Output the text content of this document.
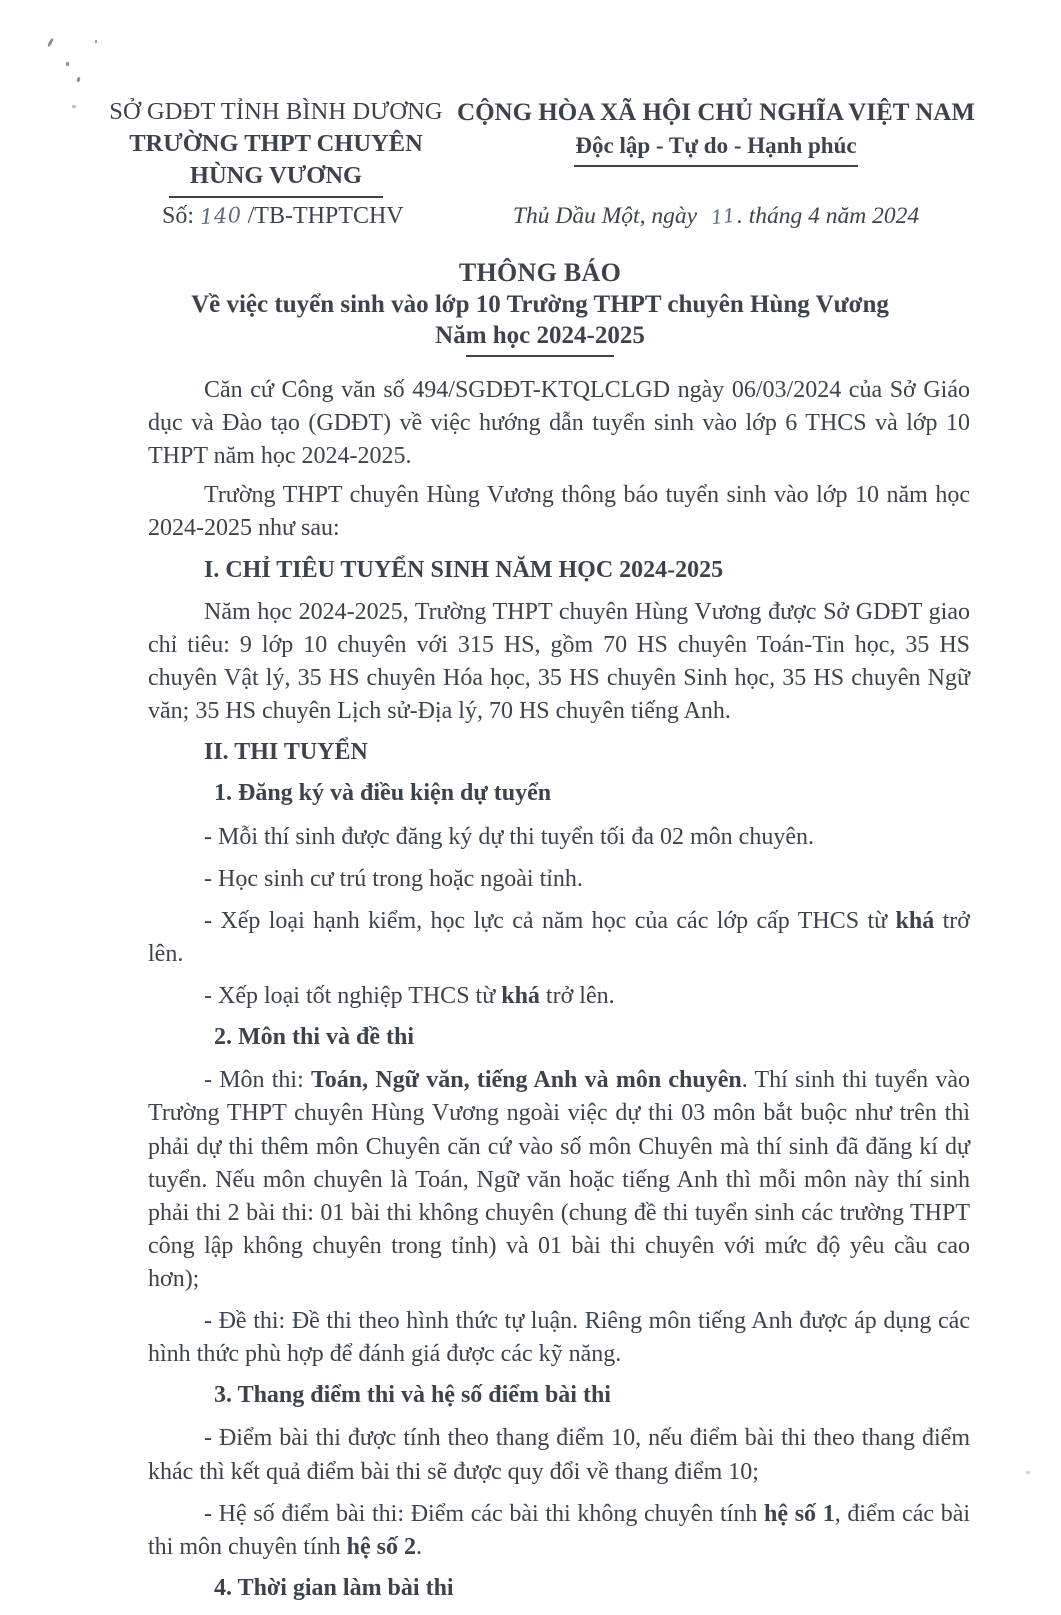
SỞ GDĐT TỈNH BÌNH DƯƠNG
TRƯỜNG THPT CHUYÊN
HÙNG VƯƠNG
CỘNG HÒA XÃ HỘI CHỦ NGHĨA VIỆT NAM
Độc lập - Tự do - Hạnh phúc
Số: 140 /TB-THPTCHV	Thủ Dầu Một, ngày 11. tháng 4 năm 2024
THÔNG BÁO
Về việc tuyển sinh vào lớp 10 Trường THPT chuyên Hùng Vương
Năm học 2024-2025

Căn cứ Công văn số 494/SGDĐT-KTQLCLGD ngày 06/03/2024 của Sở Giáo dục và Đào tạo (GDĐT) về việc hướng dẫn tuyển sinh vào lớp 6 THCS và lớp 10 THPT năm học 2024-2025.

Trường THPT chuyên Hùng Vương thông báo tuyển sinh vào lớp 10 năm học 2024-2025 như sau:

I. CHỈ TIÊU TUYỂN SINH NĂM HỌC 2024-2025

Năm học 2024-2025, Trường THPT chuyên Hùng Vương được Sở GDĐT giao chỉ tiêu: 9 lớp 10 chuyên với 315 HS, gồm 70 HS chuyên Toán-Tin học, 35 HS chuyên Vật lý, 35 HS chuyên Hóa học, 35 HS chuyên Sinh học, 35 HS chuyên Ngữ văn; 35 HS chuyên Lịch sử-Địa lý, 70 HS chuyên tiếng Anh.

II. THI TUYỂN
1. Đăng ký và điều kiện dự tuyển

- Mỗi thí sinh được đăng ký dự thi tuyển tối đa 02 môn chuyên.

- Học sinh cư trú trong hoặc ngoài tỉnh.

- Xếp loại hạnh kiểm, học lực cả năm học của các lớp cấp THCS từ khá trở lên.

- Xếp loại tốt nghiệp THCS từ khá trở lên.

2. Môn thi và đề thi

- Môn thi: Toán, Ngữ văn, tiếng Anh và môn chuyên. Thí sinh thi tuyển vào Trường THPT chuyên Hùng Vương ngoài việc dự thi 03 môn bắt buộc như trên thì phải dự thi thêm môn Chuyên căn cứ vào số môn Chuyên mà thí sinh đã đăng kí dự tuyển. Nếu môn chuyên là Toán, Ngữ văn hoặc tiếng Anh thì mỗi môn này thí sinh phải thi 2 bài thi: 01 bài thi không chuyên (chung đề thi tuyển sinh các trường THPT công lập không chuyên trong tỉnh) và 01 bài thi chuyên với mức độ yêu cầu cao hơn);

- Đề thi: Đề thi theo hình thức tự luận. Riêng môn tiếng Anh được áp dụng các hình thức phù hợp để đánh giá được các kỹ năng.

3. Thang điểm thi và hệ số điểm bài thi

- Điểm bài thi được tính theo thang điểm 10, nếu điểm bài thi theo thang điểm khác thì kết quả điểm bài thi sẽ được quy đổi về thang điểm 10;

- Hệ số điểm bài thi: Điểm các bài thi không chuyên tính hệ số 1, điểm các bài thi môn chuyên tính hệ số 2.

4. Thời gian làm bài thi
